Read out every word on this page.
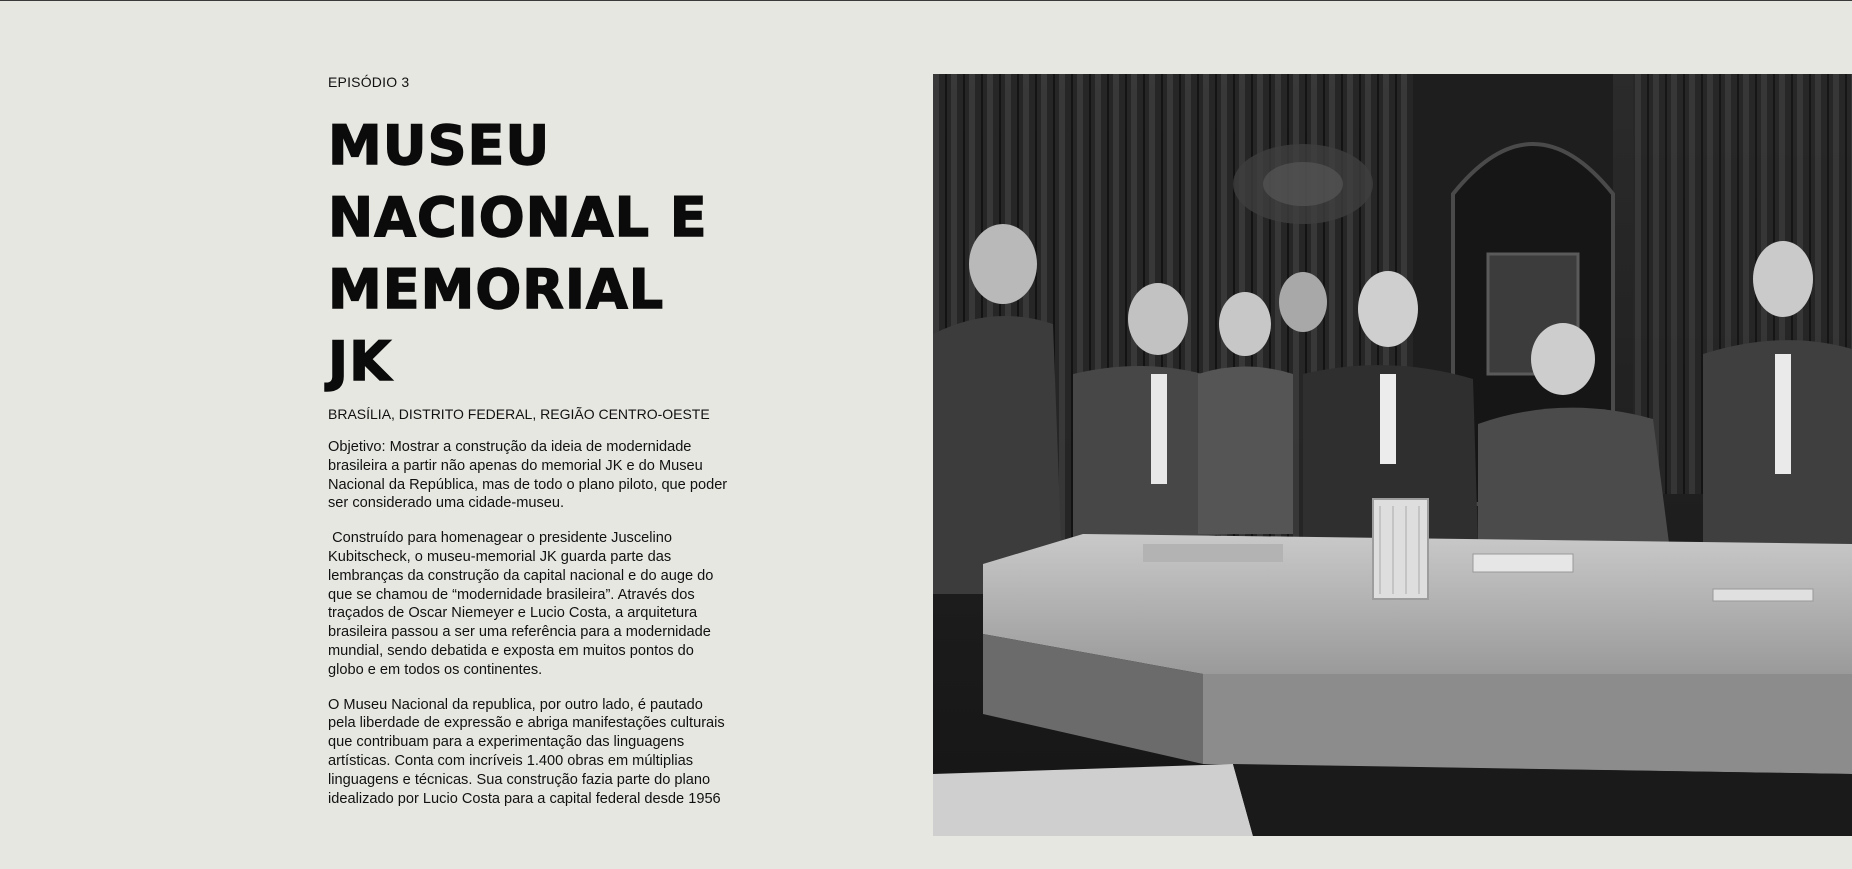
EPISÓDIO 3
MUSEU
NACIONAL E
MEMORIAL JK
BRASÍLIA, DISTRITO FEDERAL, REGIÃO CENTRO-OESTE

Objetivo: Mostrar a construção da ideia de modernidade brasileira a partir não apenas do memorial JK e do Museu Nacional da República, mas de todo o plano piloto, que poder ser considerado uma cidade-museu.

Construído para homenagear o presidente Juscelino Kubitscheck, o museu-memorial JK guarda parte das lembranças da construção da capital nacional e do auge do que se chamou de “modernidade brasileira”. Através dos traçados de Oscar Niemeyer e Lucio Costa, a arquitetura brasileira passou a ser uma referência para a modernidade mundial, sendo debatida e exposta em muitos pontos do globo e em todos os continentes.

O Museu Nacional da republica, por outro lado, é pautado pela liberdade de expressão e abriga manifestações culturais que contribuam para a experimentação das linguagens artísticas. Conta com incríveis 1.400 obras em múltiplias linguagens e técnicas. Sua construção fazia parte do plano idealizado por Lucio Costa para a capital federal desde 1956
